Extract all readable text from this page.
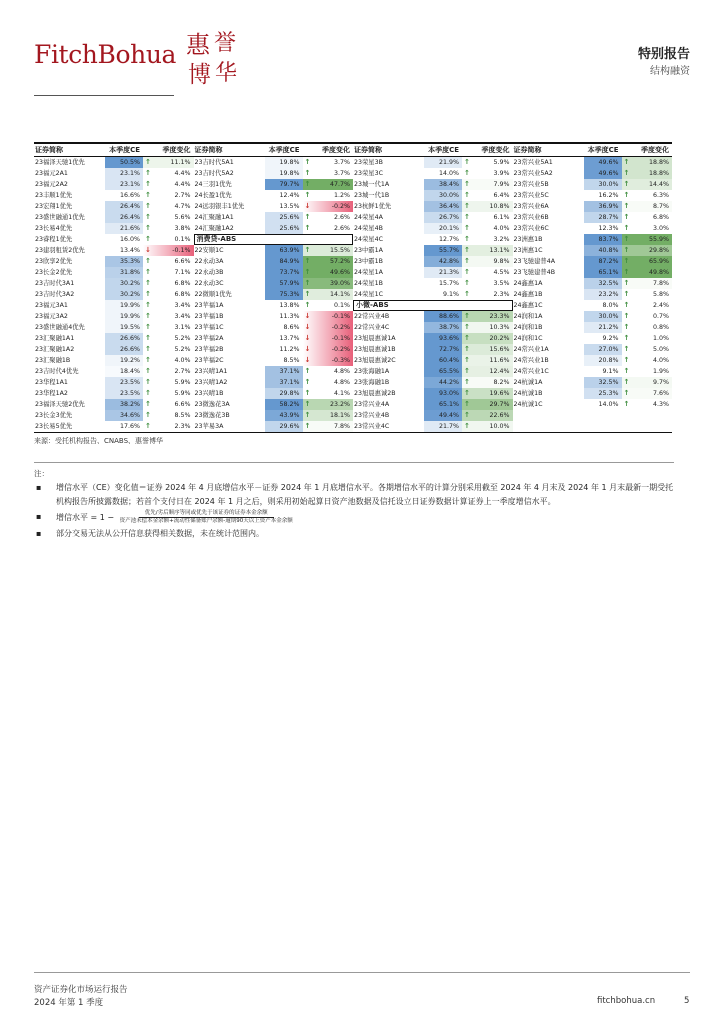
FitchBohua 惠 誉
博 华
特别报告
结构融资
证券简称	本季度CE	季度变化
23福泽天驰1优先	50.5% ↑	11.1%
23福元2A1	23.1% ↑	4.4%
23福元2A2	23.1% ↑	4.4%
23丰顺1优先	16.6% ↑	2.7%
23宏翔1优先	26.4% ↑	4.7%
23盛世融通1优先	26.4% ↑	5.6%
23长易4优先	21.6% ↑	3.8%
23睿程1优先	16.0% ↑	0.1%
23建羽租赁2优先	13.4% ↓	-0.1%
23欣享2优先	35.3% ↑	6.6%
23长金2优先	31.8% ↑	7.1%
23吉时代3A1	30.2% ↑	6.8%
23吉时代3A2	30.2% ↑	6.8%
23福元3A1	19.9% ↑	3.4%
23福元3A2	19.9% ↑	3.4%
23盛世融通4优先	19.5% ↑	3.1%
23汇聚融1A1	26.6% ↑	5.2%
23汇聚融1A2	26.6% ↑	5.2%
23汇聚融1B	19.2% ↑	4.0%
23吉时代4优先	18.4% ↑	2.7%
23华程1A1	23.5% ↑	5.9%
23华程1A2	23.5% ↑	5.9%
23福泽天驰2优先	38.2% ↑	6.6%
23长金3优先	34.6% ↑	8.5%
23长易5优先	17.6% ↑	2.3%
证券简称	本季度CE	季度变化
23吉时代5A1	19.8% ↑	3.7%
23吉时代5A2	19.8% ↑	3.7%
24三羽1优先	79.7% ↑	47.7%
24长盈1优先	12.4% ↑	1.2%
24远羽银丰1优先	13.5% ↓	-0.2%
24汇聚融1A1	25.6% ↑	2.6%
24汇聚融1A2	25.6% ↑	2.6%
消费贷-ABS
22安顺1C	63.9% ↑	15.5%
22永动3A	84.9% ↑	57.2%
22永动3B	73.7% ↑	49.6%
22永动3C	57.9% ↑	39.0%
22微顺1优先	75.3% ↑	14.1%
23苹福1A	13.8% ↑	0.1%
23苹福1B	11.3% ↓	-0.1%
23苹福1C	8.6% ↓	-0.2%
23苹福2A	13.7% ↓	-0.1%
23苹福2B	11.2% ↓	-0.2%
23苹福2C	8.5% ↓	-0.3%
23兴晴1A1	37.1% ↑	4.8%
23兴晴1A2	37.1% ↑	4.8%
23兴晴1B	29.8% ↑	4.1%
23微逸花3A	58.2% ↑	23.2%
23微逸花3B	43.9% ↑	18.1%
23苹易3A	29.6% ↑	7.8%
证券简称	本季度CE	季度变化
23荣星3B	21.9% ↑	5.9%
23荣星3C	14.0% ↑	3.9%
23城一代1A	38.4% ↑	7.9%
23城一代1B	30.0% ↑	6.4%
23杭鲜1优先	36.4% ↑	10.8%
24荣星4A	26.7% ↑	6.1%
24荣星4B	20.1% ↑	4.0%
24荣星4C	12.7% ↑	3.2%
23中霸1A	55.7% ↑	13.1%
23中霸1B	42.8% ↑	9.8%
24荣星1A	21.3% ↑	4.5%
24荣星1B	15.7% ↑	3.5%
24荣星1C	9.1% ↑	2.3%
小微-ABS
22常兴业4B	88.6% ↑	23.3%
22常兴业4C	38.7% ↑	10.3%
23旭晨惠诚1A	93.6% ↑	20.2%
23旭晨惠诚1B	72.7% ↑	15.6%
23旭晨惠诚2C	60.4% ↑	11.6%
23张海融1A	65.5% ↑	12.4%
23张海融1B	44.2% ↑	8.2%
23旭晨惠诚2B	93.0% ↑	19.6%
23常兴业4A	65.1% ↑	29.7%
23常兴业4B	49.4% ↑	22.6%
23常兴业4C	21.7% ↑	10.0%
证券简称	本季度CE	季度变化
23常兴业5A1	49.6% ↑	18.8%
23常兴业5A2	49.6% ↑	18.8%
23常兴业5B	30.0% ↑	14.4%
23常兴业5C	16.2% ↑	6.3%
23常兴业6A	36.9% ↑	8.7%
23常兴业6B	28.7% ↑	6.8%
23常兴业6C	12.3% ↑	3.0%
23洲惠1B	83.7% ↑	55.9%
23洲惠1C	40.8% ↑	29.8%
23飞驰建普4A	87.2% ↑	65.9%
23飞驰建普4B	65.1% ↑	49.8%
24鑫惠1A	32.5% ↑	7.8%
24鑫惠1B	23.2% ↑	5.8%
24鑫惠1C	8.0% ↑	2.4%
24润和1A	30.0% ↑	0.7%
24润和1B	21.2% ↑	0.8%
24润和1C	9.2% ↑	1.0%
24常兴业1A	27.0% ↑	5.0%
24常兴业1B	20.8% ↑	4.0%
24常兴业1C	9.1% ↑	1.9%
24杭诚1A	32.5% ↑	9.7%
24杭诚1B	25.3% ↑	7.6%
24杭诚1C	14.0% ↑	4.3%
来源：受托机构报告、CNABS、惠誉博华
注：
▪	增信水平（CE）变化值＝证券 2024 年 4 月底增信水平－证券 2024 年 1 月底增信水平。各期增信水平的计算分别采用截至 2024 年 4 月末及 2024 年 1 月末最新一期受托机构报告所披露数据；若首个支付日在 2024 年 1 月之后，则采用初始起算日资产池数据及信托设立日证券数据计算证券上一季度增信水平。
▪	增信水平 = $1 - \frac{\text{优先/劣后顺序等同或优先于该证券的证券本金余额}}{\text{资产池未偿本金余额+流动性储备账户余额-逾期90天以上资产本金余额}}$
▪	部分交易无法从公开信息获得相关数据，未在统计范围内。
资产证券化市场运行报告
2024 年第 1 季度	fitchbohua.cn	5
